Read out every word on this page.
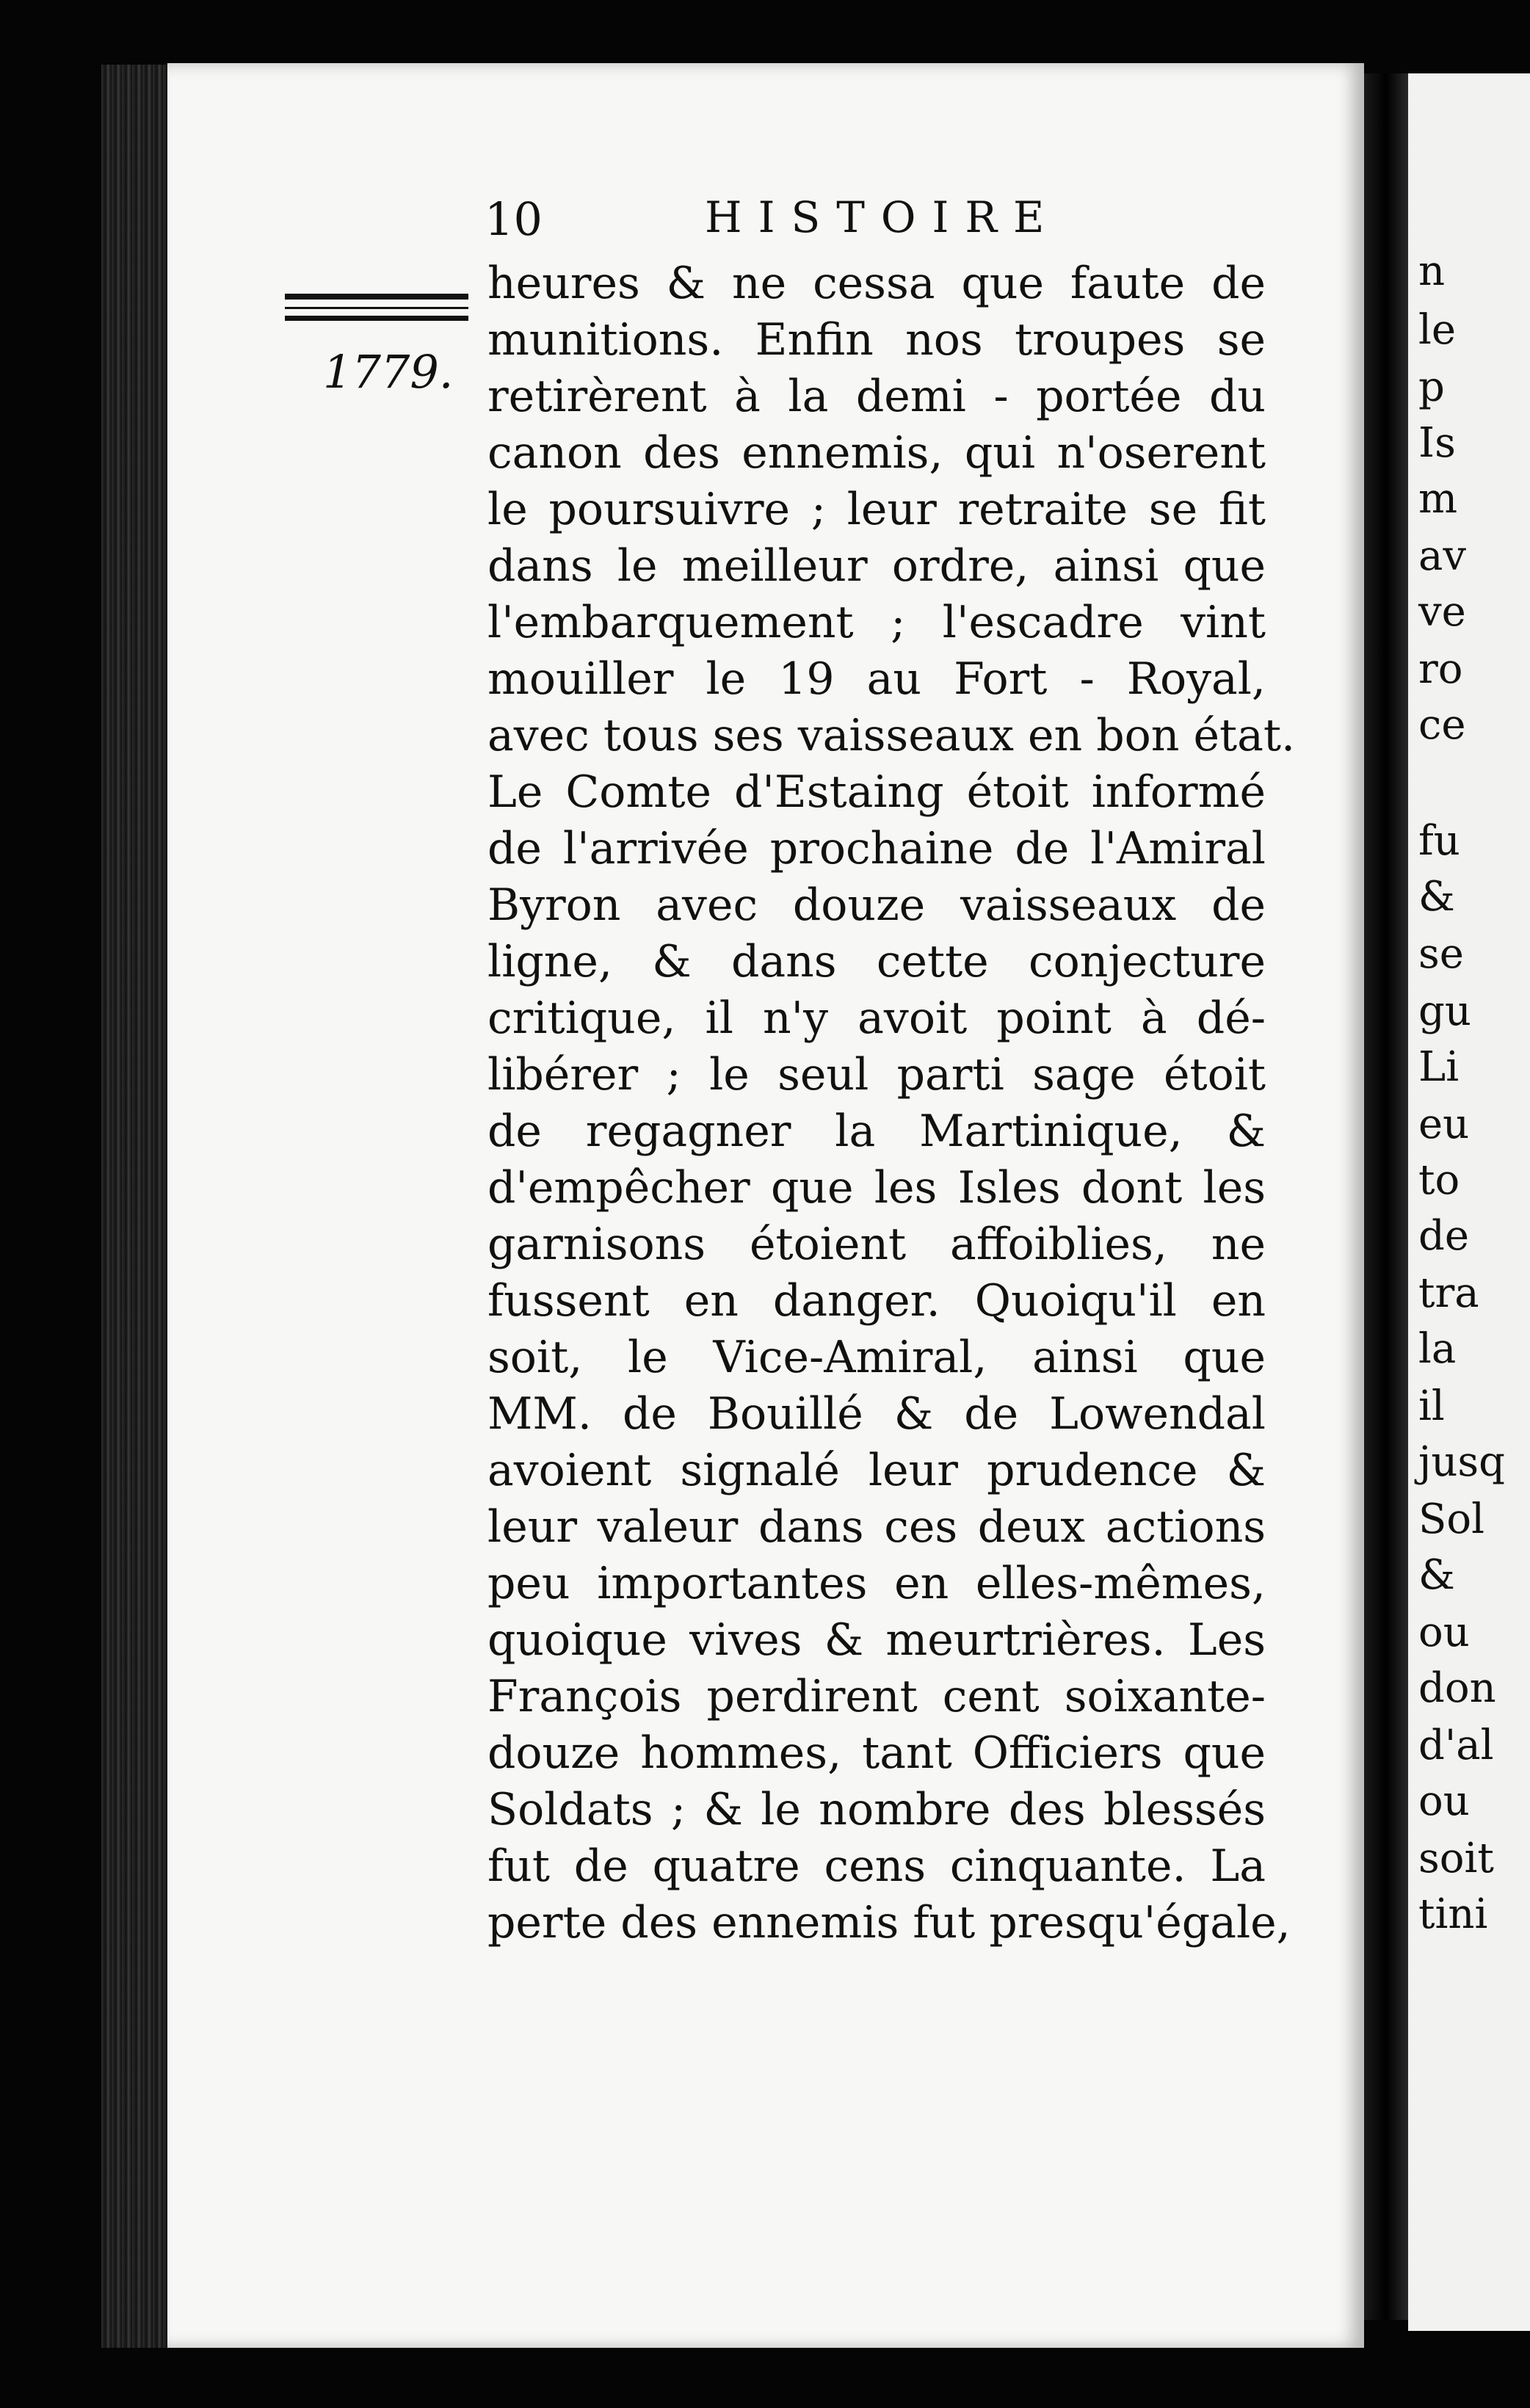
n
le
p
Is
m
av
ve
ro
ce
fu
&
se
gu
Li
eu
to
de
tra
la
il
jusq
Sol
&
ou
don
d'al
ou
soit
tini
10	HISTOIRE
1779.
heures & ne cessa que faute de
munitions. Enfin nos troupes se
retirèrent à la demi - portée du
canon des ennemis, qui n'oserent
le poursuivre ; leur retraite se fit
dans le meilleur ordre, ainsi que
l'embarquement ; l'escadre vint
mouiller le 19 au Fort - Royal,
avec tous ses vaisseaux en bon état.
Le Comte d'Estaing étoit informé
de l'arrivée prochaine de l'Amiral
Byron avec douze vaisseaux de
ligne, & dans cette conjecture
critique, il n'y avoit point à dé-
libérer ; le seul parti sage étoit
de regagner la Martinique, &
d'empêcher que les Isles dont les
garnisons étoient affoiblies, ne
fussent en danger. Quoiqu'il en
soit, le Vice-Amiral, ainsi que
MM. de Bouillé & de Lowendal
avoient signalé leur prudence &
leur valeur dans ces deux actions
peu importantes en elles-mêmes,
quoique vives & meurtrières. Les
François perdirent cent soixante-
douze hommes, tant Officiers que
Soldats ; & le nombre des blessés
fut de quatre cens cinquante. La
perte des ennemis fut presqu'égale,
